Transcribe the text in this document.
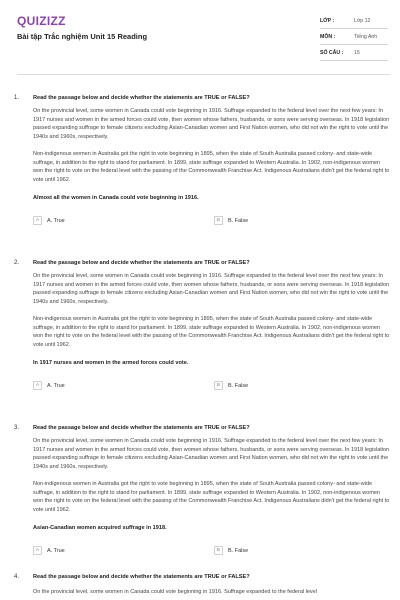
QUIZIZZ
Bài tập Trắc nghiệm Unit 15 Reading
LỚP :	Lớp 12
MÔN :	Tiếng Anh
SỐ CÂU :	15
1. Read the passage below and decide whether the statements are TRUE or FALSE?

On the provincial level, some women in Canada could vote beginning in 1916. Suffrage expanded to the federal level over the next few years: In 1917 nurses and women in the armed forces could vote, then women whose fathers, husbands, or sons were serving overseas. In 1918 legislation passed expanding suffrage to female citizens excluding Asian-Canadian women and First Nation women, who did not win the right to vote until the 1940s and 1960s, respectively.

Non-indigenous women in Australia got the right to vote beginning in 1895, when the state of South Australia passed colony- and state-wide suffrage, in addition to the right to stand for parliament. In 1899, state suffrage expanded to Western Australia. In 1902, non-indigenous women won the right to vote on the federal level with the passing of the Commonwealth Franchise Act. Indigenous Australians didn't get the federal right to vote until 1962.

Almost all the women in Canada could vote beginning in 1916.
A	A. True	B	B. False
2. Read the passage below and decide whether the statements are TRUE or FALSE?

On the provincial level, some women in Canada could vote beginning in 1916. Suffrage expanded to the federal level over the next few years: In 1917 nurses and women in the armed forces could vote, then women whose fathers, husbands, or sons were serving overseas. In 1918 legislation passed expanding suffrage to female citizens excluding Asian-Canadian women and First Nation women, who did not win the right to vote until the 1940s and 1960s, respectively.

Non-indigenous women in Australia got the right to vote beginning in 1895, when the state of South Australia passed colony- and state-wide suffrage, in addition to the right to stand for parliament. In 1899, state suffrage expanded to Western Australia. In 1902, non-indigenous women won the right to vote on the federal level with the passing of the Commonwealth Franchise Act. Indigenous Australians didn't get the federal right to vote until 1962.

In 1917 nurses and women in the armed forces could vote.
A	A. True	B	B. False
3. Read the passage below and decide whether the statements are TRUE or FALSE?

On the provincial level, some women in Canada could vote beginning in 1916. Suffrage expanded to the federal level over the next few years: In 1917 nurses and women in the armed forces could vote, then women whose fathers, husbands, or sons were serving overseas. In 1918 legislation passed expanding suffrage to female citizens excluding Asian-Canadian women and First Nation women, who did not win the right to vote until the 1940s and 1960s, respectively.

Non-indigenous women in Australia got the right to vote beginning in 1895, when the state of South Australia passed colony- and state-wide suffrage, in addition to the right to stand for parliament. In 1899, state suffrage expanded to Western Australia. In 1902, non-indigenous women won the right to vote on the federal level with the passing of the Commonwealth Franchise Act. Indigenous Australians didn't get the federal right to vote until 1962.

Asian-Canadian women acquired suffrage in 1918.
A	A. True	B	B. False
4. Read the passage below and decide whether the statements are TRUE or FALSE?

On the provincial level, some women in Canada could vote beginning in 1916. Suffrage expanded to the federal level
